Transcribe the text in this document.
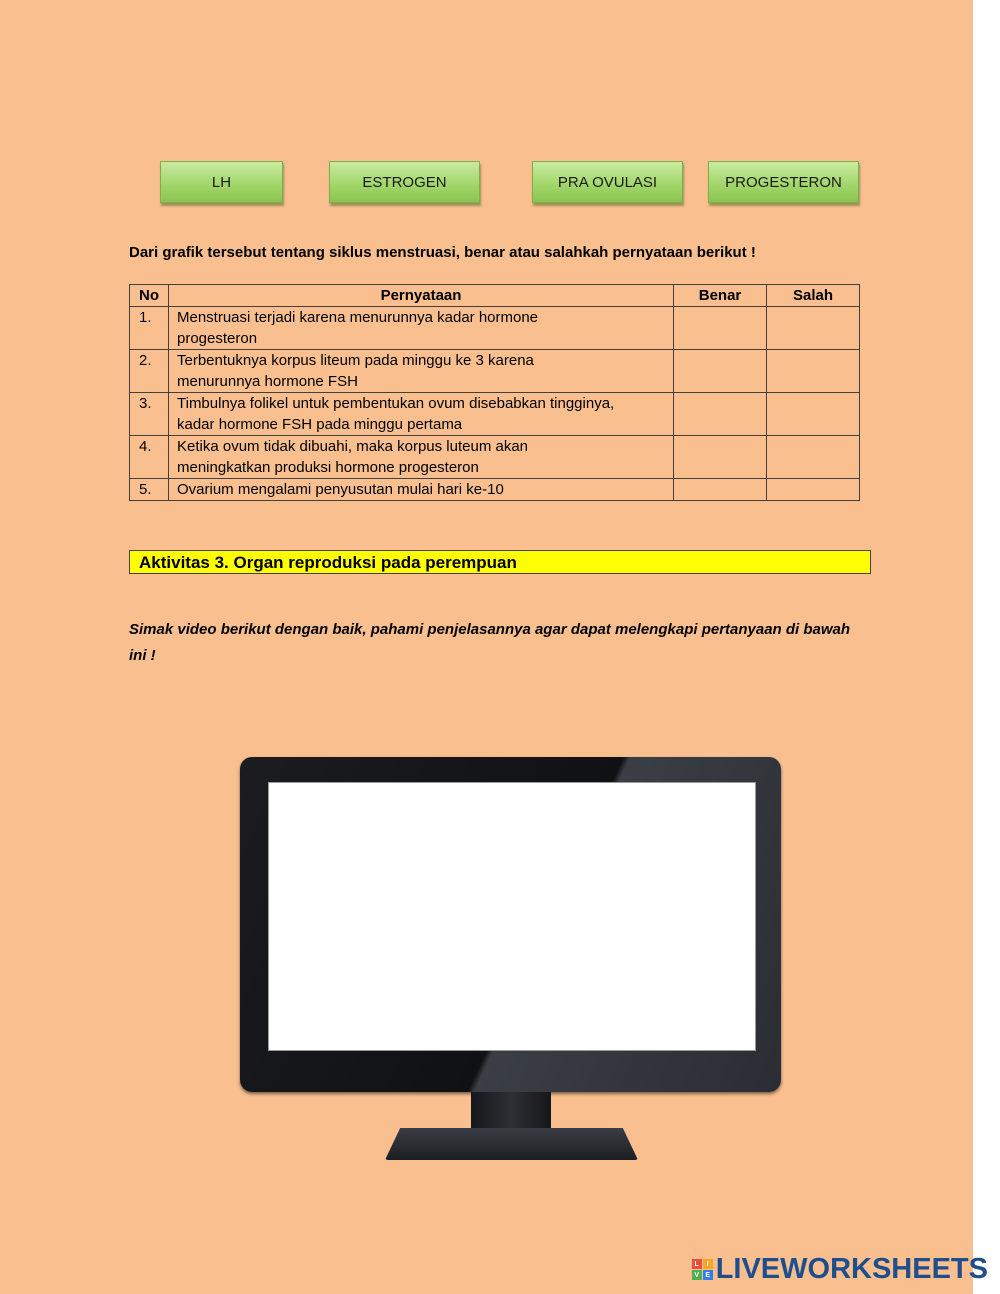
LH	ESTROGEN	PRA OVULASI	PROGESTERON
Dari grafik tersebut tentang siklus menstruasi, benar atau salahkah pernyataan berikut !
No	Pernyataan	Benar	Salah
1.	Menstruasi terjadi karena menurunnya kadar hormone
progesteron		
2.	Terbentuknya korpus liteum pada minggu ke 3 karena
menurunnya hormone FSH		
3.	Timbulnya folikel untuk pembentukan ovum disebabkan tingginya,
kadar hormone FSH pada minggu pertama		
4.	Ketika ovum tidak dibuahi, maka korpus luteum akan
meningkatkan produksi hormone progesteron		
5.	Ovarium mengalami penyusutan mulai hari ke-10		
Aktivitas 3. Organ reproduksi pada perempuan
Simak video berikut dengan baik, pahami penjelasannya agar dapat melengkapi pertanyaan di bawah ini !
L	I
V E LIVEWORKSHEETS
